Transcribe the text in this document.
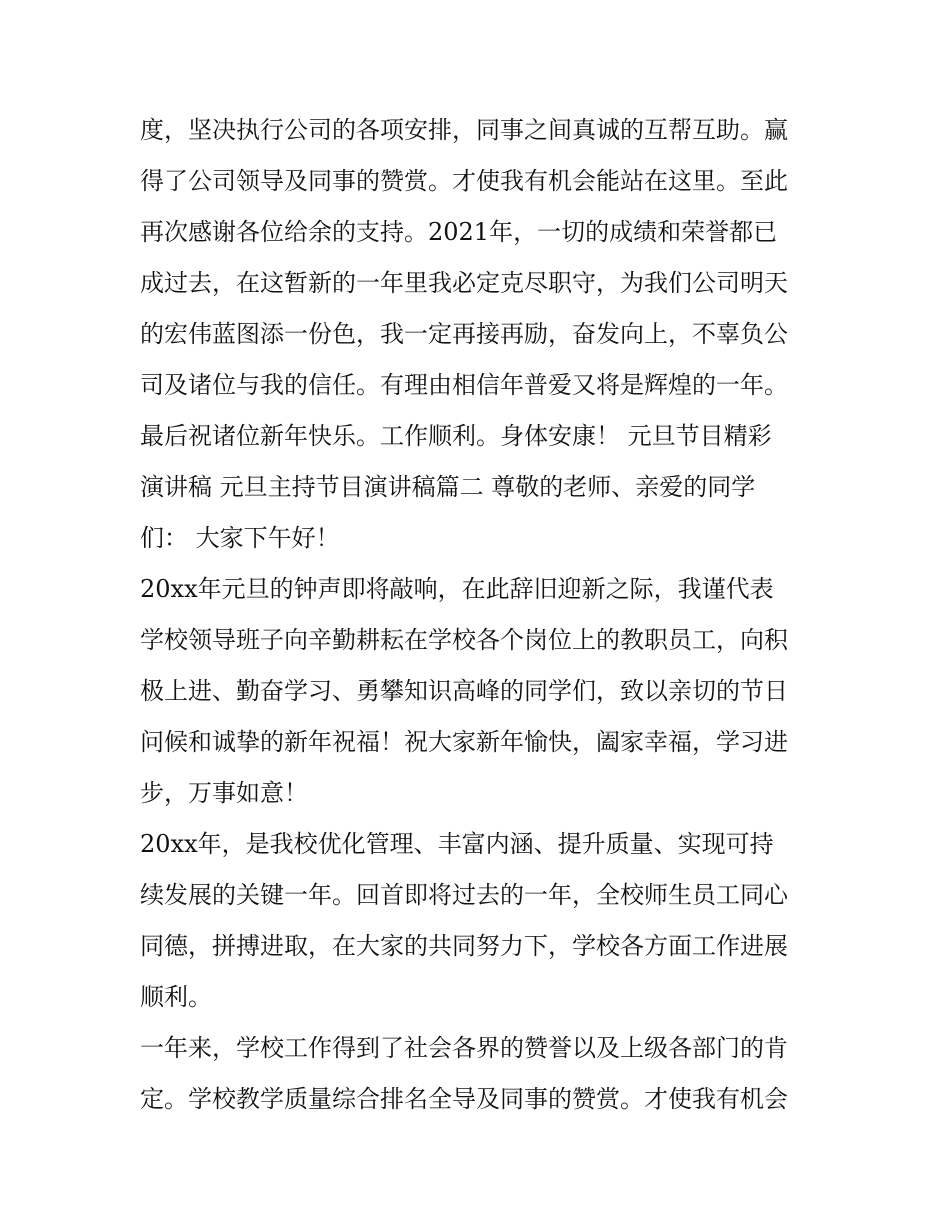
度，坚决执行公司的各项安排，同事之间真诚的互帮互助。赢
得了公司领导及同事的赞赏。才使我有机会能站在这里。至此
再次感谢各位给余的支持。2021年，一切的成绩和荣誉都已
成过去，在这暂新的一年里我必定克尽职守，为我们公司明天
的宏伟蓝图添一份色，我一定再接再励，奋发向上，不辜负公
司及诸位与我的信任。有理由相信年普爱又将是辉煌的一年。
最后祝诸位新年快乐。工作顺利。身体安康！ 元旦节目精彩
演讲稿 元旦主持节目演讲稿篇二 尊敬的老师、亲爱的同学
们： 大家下午好！
20xx年元旦的钟声即将敲响，在此辞旧迎新之际，我谨代表
学校领导班子向辛勤耕耘在学校各个岗位上的教职员工，向积
极上进、勤奋学习、勇攀知识高峰的同学们，致以亲切的节日
问候和诚挚的新年祝福！祝大家新年愉快，阖家幸福，学习进
步，万事如意！
20xx年，是我校优化管理、丰富内涵、提升质量、实现可持
续发展的关键一年。回首即将过去的一年，全校师生员工同心
同德，拼搏进取，在大家的共同努力下，学校各方面工作进展
顺利。
一年来，学校工作得到了社会各界的赞誉以及上级各部门的肯
定。学校教学质量综合排名全导及同事的赞赏。才使我有机会
